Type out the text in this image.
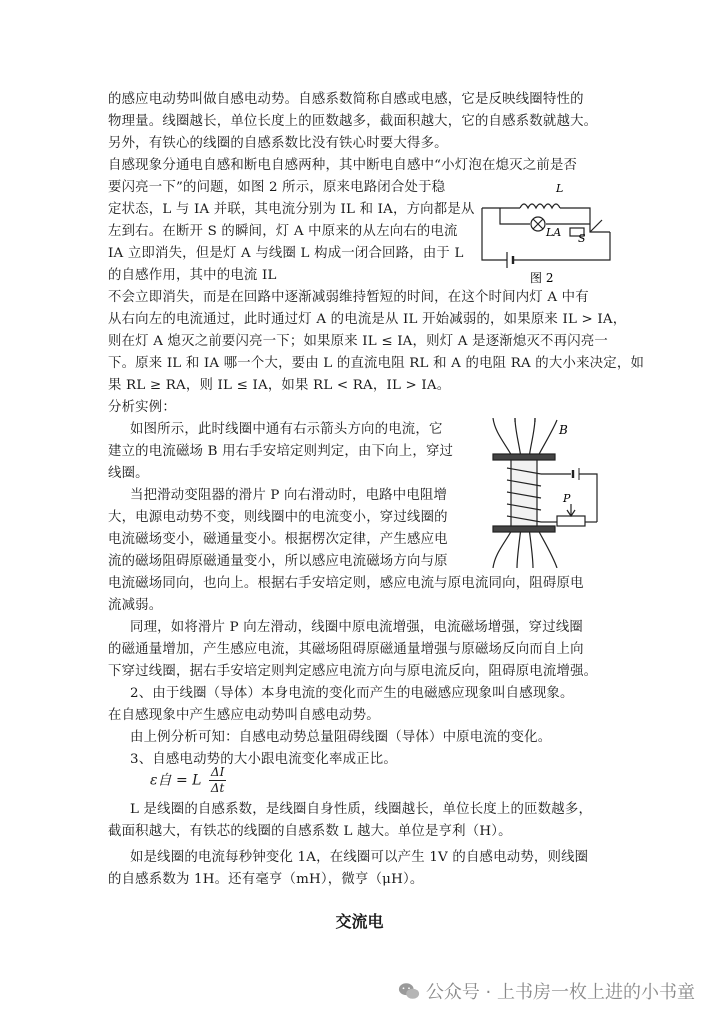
的感应电动势叫做自感电动势。自感系数简称自感或电感，它是反映线圈特性的
物理量。线圈越长，单位长度上的匝数越多，截面积越大，它的自感系数就越大。
另外，有铁心的线圈的自感系数比没有铁心时要大得多。
自感现象分通电自感和断电自感两种，其中断电自感中“小灯泡在熄灭之前是否
要闪亮一下”的问题，如图 2 所示，原来电路闭合处于稳
定状态，L 与 IA 并联，其电流分别为 IL 和 IA，方向都是从
左到右。在断开 S 的瞬间，灯 A 中原来的从左向右的电流
IA 立即消失，但是灯 A 与线圈 L 构成一闭合回路，由于 L
的自感作用，其中的电流 IL
不会立即消失，而是在回路中逐渐减弱维持暂短的时间，在这个时间内灯 A 中有
从右向左的电流通过，此时通过灯 A 的电流是从 IL 开始减弱的，如果原来 IL > IA，
则在灯 A 熄灭之前要闪亮一下；如果原来 IL ≤ IA，则灯 A 是逐渐熄灭不再闪亮一
下。原来 IL 和 IA 哪一个大，要由 L 的直流电阻 RL 和 A 的电阻 RA 的大小来决定，如
果 RL ≥ RA，则 IL ≤ IA，如果 RL < RA，IL > IA。
分析实例：
如图所示，此时线圈中通有右示箭头方向的电流，它
建立的电流磁场 B 用右手安培定则判定，由下向上，穿过
线圈。
当把滑动变阻器的滑片 P 向右滑动时，电路中电阻增
大，电源电动势不变，则线圈中的电流变小，穿过线圈的
电流磁场变小，磁通量变小。根据楞次定律，产生感应电
流的磁场阻碍原磁通量变小，所以感应电流磁场方向与原
电流磁场同向，也向上。根据右手安培定则，感应电流与原电流同向，阻碍原电
流减弱。
同理，如将滑片 P 向左滑动，线圈中原电流增强，电流磁场增强，穿过线圈
的磁通量增加，产生感应电流，其磁场阻碍原磁通量增强与原磁场反向而自上向
下穿过线圈，据右手安培定则判定感应电流方向与原电流反向，阻碍原电流增强。
2、由于线圈（导体）本身电流的变化而产生的电磁感应现象叫自感现象。
在自感现象中产生感应电动势叫自感电动势。
由上例分析可知：自感电动势总量阻碍线圈（导体）中原电流的变化。
3、自感电动势的大小跟电流变化率成正比。
ε自 = L $\frac{\Delta I}{\Delta t}$
L 是线圈的自感系数，是线圈自身性质，线圈越长，单位长度上的匝数越多，
截面积越大，有铁芯的线圈的自感系数 L 越大。单位是亨利（H）。
如是线圈的电流每秒钟变化 1A，在线圈可以产生 1V 的自感电动势，则线圈
的自感系数为 1H。还有毫亨（mH），微亨（μH）。
L
LA S
图 2
B
P
交流电
公众号 · 上书房一枚上进的小书童
